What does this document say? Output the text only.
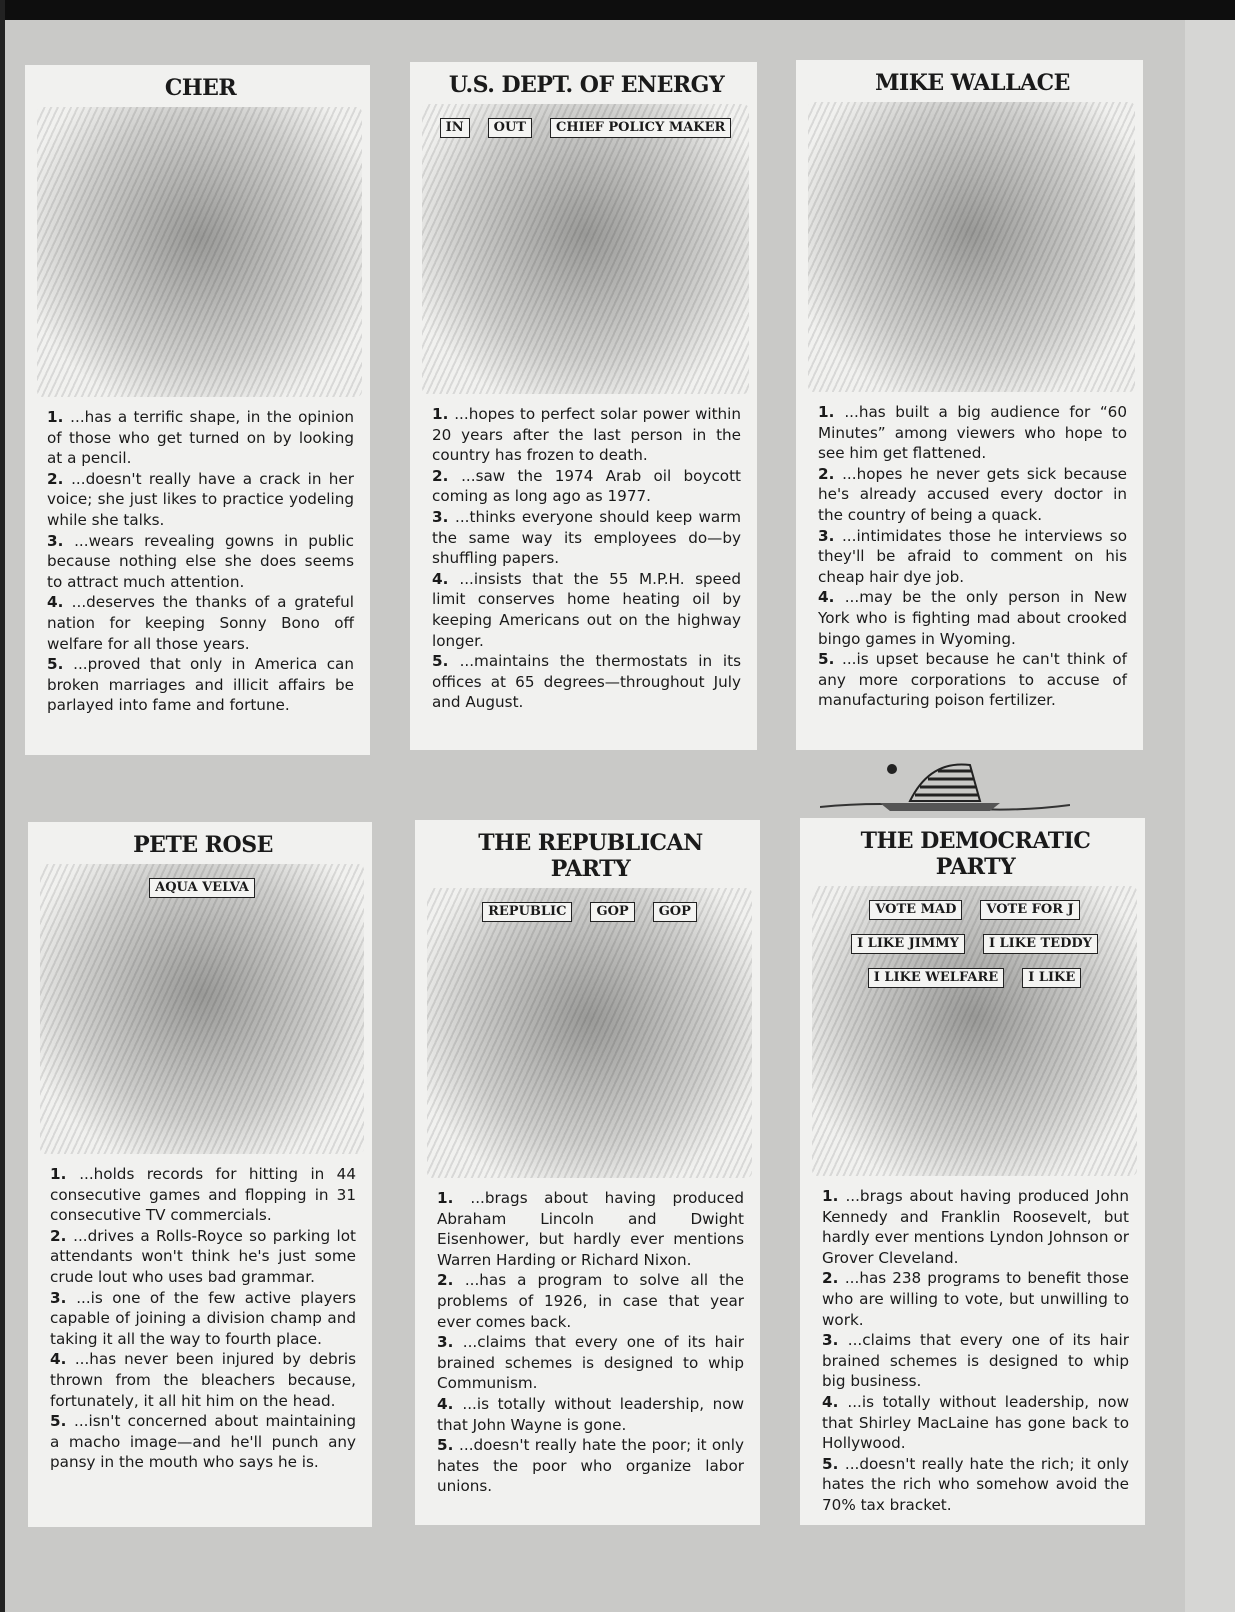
CHER

1. ...has a terrific shape, in the opinion of those who get turned on by looking at a pencil.

2. ...doesn't really have a crack in her voice; she just likes to practice yodeling while she talks.

3. ...wears revealing gowns in public because nothing else she does seems to attract much attention.

4. ...deserves the thanks of a grateful nation for keeping Sonny Bono off welfare for all those years.

5. ...proved that only in America can broken marriages and illicit affairs be parlayed into fame and fortune.

U.S. DEPT. OF ENERGY
IN	OUT	CHIEF POLICY MAKER

1. ...hopes to perfect solar power within 20 years after the last person in the country has frozen to death.

2. ...saw the 1974 Arab oil boycott coming as long ago as 1977.

3. ...thinks everyone should keep warm the same way its employees do—by shuffling papers.

4. ...insists that the 55 M.P.H. speed limit conserves home heating oil by keeping Americans out on the highway longer.

5. ...maintains the thermostats in its offices at 65 degrees—throughout July and August.

MIKE WALLACE

1. ...has built a big audience for “60 Minutes” among viewers who hope to see him get flattened.

2. ...hopes he never gets sick because he's already accused every doctor in the country of being a quack.

3. ...intimidates those he interviews so they'll be afraid to comment on his cheap hair dye job.

4. ...may be the only person in New York who is fighting mad about crooked bingo games in Wyoming.

5. ...is upset because he can't think of any more corporations to accuse of manufacturing poison fertilizer.

PETE ROSE
AQUA VELVA

1. ...holds records for hitting in 44 consecutive games and flopping in 31 consecutive TV commercials.

2. ...drives a Rolls-Royce so parking lot attendants won't think he's just some crude lout who uses bad grammar.

3. ...is one of the few active players capable of joining a division champ and taking it all the way to fourth place.

4. ...has never been injured by debris thrown from the bleachers because, fortunately, it all hit him on the head.

5. ...isn't concerned about maintaining a macho image—and he'll punch any pansy in the mouth who says he is.

THE REPUBLICAN PARTY
REPUBLIC	GOP	GOP

1. ...brags about having produced Abraham Lincoln and Dwight Eisenhower, but hardly ever mentions Warren Harding or Richard Nixon.

2. ...has a program to solve all the problems of 1926, in case that year ever comes back.

3. ...claims that every one of its hair brained schemes is designed to whip Communism.

4. ...is totally without leadership, now that John Wayne is gone.

5. ...doesn't really hate the poor; it only hates the poor who organize labor unions.

THE DEMOCRATIC PARTY
VOTE MAD	VOTE FOR J
I LIKE JIMMY	I LIKE TEDDY
I LIKE WELFARE	I LIKE

1. ...brags about having produced John Kennedy and Franklin Roosevelt, but hardly ever mentions Lyndon Johnson or Grover Cleveland.

2. ...has 238 programs to benefit those who are willing to vote, but unwilling to work.

3. ...claims that every one of its hair brained schemes is designed to whip big business.

4. ...is totally without leadership, now that Shirley MacLaine has gone back to Hollywood.

5. ...doesn't really hate the rich; it only hates the rich who somehow avoid the 70% tax bracket.
